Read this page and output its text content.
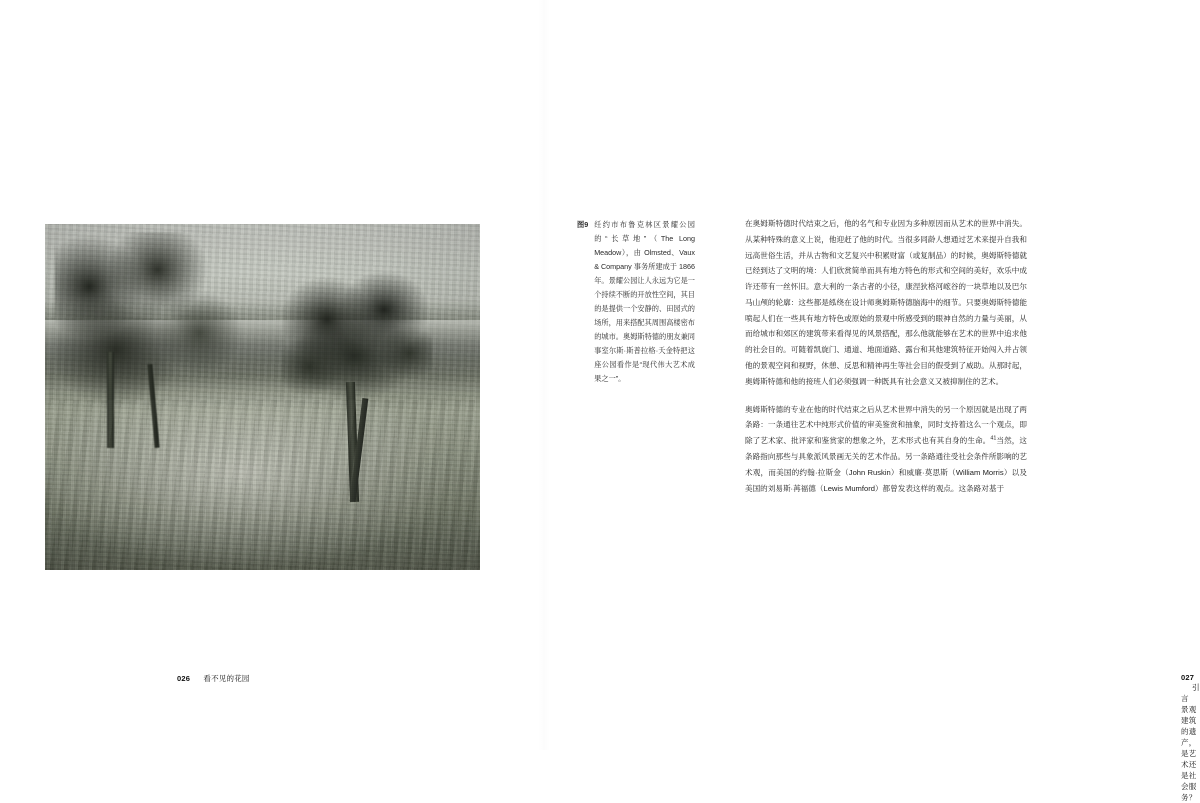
026 看不见的花园
图9 纴约市布鲁克林区景耀公园的“长草地”（The Long Meadow），由 Olmsted、Vaux & Company 事务所建成于 1866 年。景耀公园让人永远为它是一个持续不断的开放性空间，其目的是提供一个安静的、田园式的场所，用来搭配其周围高楼密布的城市。奥姆斯特德的朋友兼同事室尔斯·斯普拉格·夭金特把这座公园看作是“现代伟大艺术成果之一”。

在奥姆斯特德时代结束之后，他的名气和专业因为多种原因而从艺术的世界中消失。从某种特殊的意义上说，他迎赶了他的时代。当很多同龄人想通过艺术来提升自我和远高世俗生活，并从古物和文艺复兴中积累财富（或复制品）的时候，奥姆斯特德就已经到达了文明的境：人们欣赏简单而具有地方特色的形式和空间的美好，欢乐中成许还带有一丝怀旧。意大利的一条古者的小径，康涅狄格河峵谷的一块草地以及巴尔马山颅的轮廓：这些都是紭绕在设计师奥姆斯特德脑海中的细节。只要奥姆斯特德能喷起人们在一些具有地方特色或原始的景观中所感受到的眼神自然的力量与美丽，从而给城市和郊区的建筑带来看得见的风景搭配，那么他就能够在艺术的世界中追求他的社会目的。可随着凯旋门、通道、地面道路、露台和其他建筑特征开始闯入并占领他的景观空间和视野，休憩、反思和精神再生等社会目的假受到了威助。从那时起，奥姆斯特德和他的接班人们必须强调一种既具有社会意义又被抑制住的艺术。

奥姆斯特德的专业在他的时代结束之后从艺术世界中消失的另一个原因就是出现了两条路：一条通往艺术中纯形式价值的审美鉴赏和抽象，同时支持着这么一个观点，即除了艺术家、批评家和鉴赏家的想象之外，艺术形式也有其自身的生命。$^{41}$当然，这条路指向那些与具象派风景画无关的艺术作品。另一条路通往受社会条件所影响的艺术观，而美国的约翰·拉斯金（John Ruskin）和威廉·莫思斯（William Morris）以及美国的刘易斯·苒福德（Lewis Mumford）都曾发表这样的观点。这条路对基于

027 引言　景观建筑的遗产，是艺术还是社会服务？
